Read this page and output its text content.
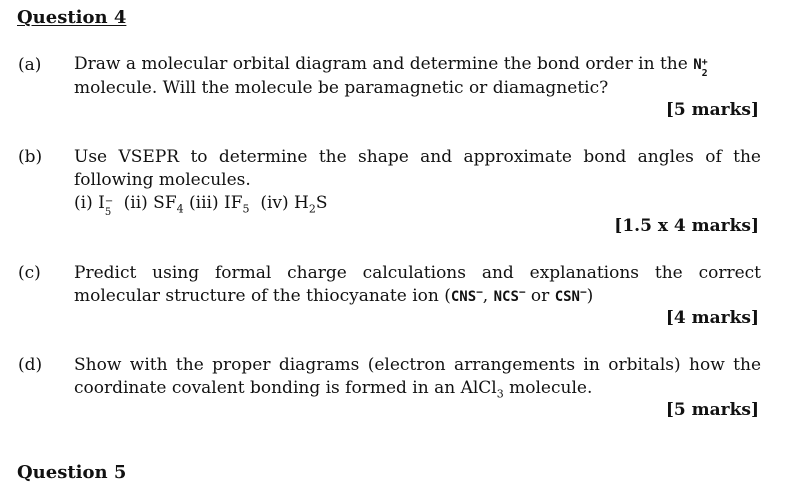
Question 4
(a) Draw a molecular orbital diagram and determine the bond order in the N +
2

molecule. Will the molecule be paramagnetic or diamagnetic?
[5 marks]
(b) Use VSEPR to determine the shape and approximate bond angles of the following molecules.
(i) I −
5 (ii) $SF_4$ (iii) $IF_5$ (iv) $H_2S$
[1.5 x 4 marks]
(c) Predict using formal charge calculations and explanations the correct molecular structure of the thiocyanate ion (CNS−, NCS− or CSN−)
[4 marks]
(d) Show with the proper diagrams (electron arrangements in orbitals) how the coordinate covalent bonding is formed in an AlCl$_3$ molecule.
[5 marks]
Question 5
